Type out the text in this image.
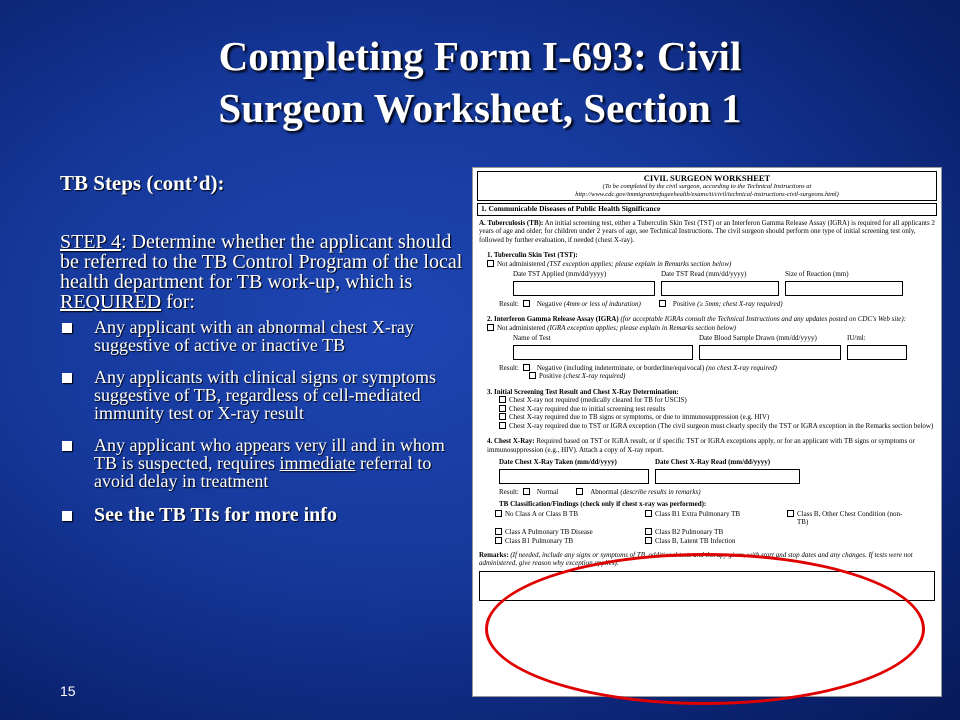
Completing Form I-693: Civil
Surgeon Worksheet, Section 1
TB Steps (cont’d):
STEP 4: Determine whether the applicant should be referred to the TB Control Program of the local health department for TB work-up, which is REQUIRED for:
Any applicant with an abnormal chest X-ray suggestive of active or inactive TB
Any applicants with clinical signs or symptoms suggestive of TB, regardless of cell-mediated immunity test or X-ray result
Any applicant who appears very ill and in whom TB is suspected, requires immediate referral to avoid delay in treatment
See the TB TIs for more info
15
CIVIL SURGEON WORKSHEET
(To be completed by the civil surgeon, according to the Technical Instructions at
http://www.cdc.gov/immigrantrefugeehealth/exams/ti/civil/technical-instructions-civil-surgeons.html)
1. Communicable Diseases of Public Health Significance
A. Tuberculosis (TB): An initial screening test, either a Tuberculin Skin Test (TST) or an Interferon Gamma Release Assay (IGRA) is required for all applicants 2 years of age and older; for children under 2 years of age, see Technical Instructions. The civil surgeon should perform one type of initial screening test only, followed by further evaluation, if needed (chest X-ray).
1. Tuberculin Skin Test (TST):
Not administered (TST exception applies; please explain in Remarks section below)
Date TST Applied (mm/dd/yyyy)	Date TST Read (mm/dd/yyyy)	Size of Reaction (mm)
Result:	Negative (4mm or less of induration)	Positive (≥ 5mm; chest X-ray required)
2. Interferon Gamma Release Assay (IGRA) (for acceptable IGRAs consult the Technical Instructions and any updates posted on CDC's Web site):
Not administered (IGRA exception applies; please explain in Remarks section below)
Name of Test	Date Blood Sample Drawn (mm/dd/yyyy)	IU/ml:
Result:	Negative (including indeterminate, or borderline/equivocal) (no chest X-ray required)
Positive (chest X-ray required)
3. Initial Screening Test Result and Chest X-Ray Determination:
Chest X-ray not required (medically cleared for TB for USCIS)
Chest X-ray required due to initial screening test results
Chest X-ray required due to TB signs or symptoms, or due to immunosuppression (e.g. HIV)
Chest X-ray required due to TST or IGRA exception (The civil surgeon must clearly specify the TST or IGRA exception in the Remarks section below)
4. Chest X-Ray: Required based on TST or IGRA result, or if specific TST or IGRA exceptions apply, or for an applicant with TB signs or symptoms or immunosuppression (e.g., HIV). Attach a copy of X-ray report.
Date Chest X-Ray Taken (mm/dd/yyyy)	Date Chest X-Ray Read (mm/dd/yyyy)
Result:	Normal	Abnormal (describe results in remarks)
TB Classification/Findings (check only if chest x-ray was performed):
No Class A or Class B TB	Class B1 Extra Pulmonary TB	Class B, Other Chest Condition (non-TB)
Class A Pulmonary TB Disease	Class B2 Pulmonary TB
Class B1 Pulmonary TB	Class B, Latent TB Infection
Remarks: (If needed, include any signs or symptoms of TB, additional tests and therapy given, with start and stop dates and any changes. If tests were not administered, give reason why exception applies).
